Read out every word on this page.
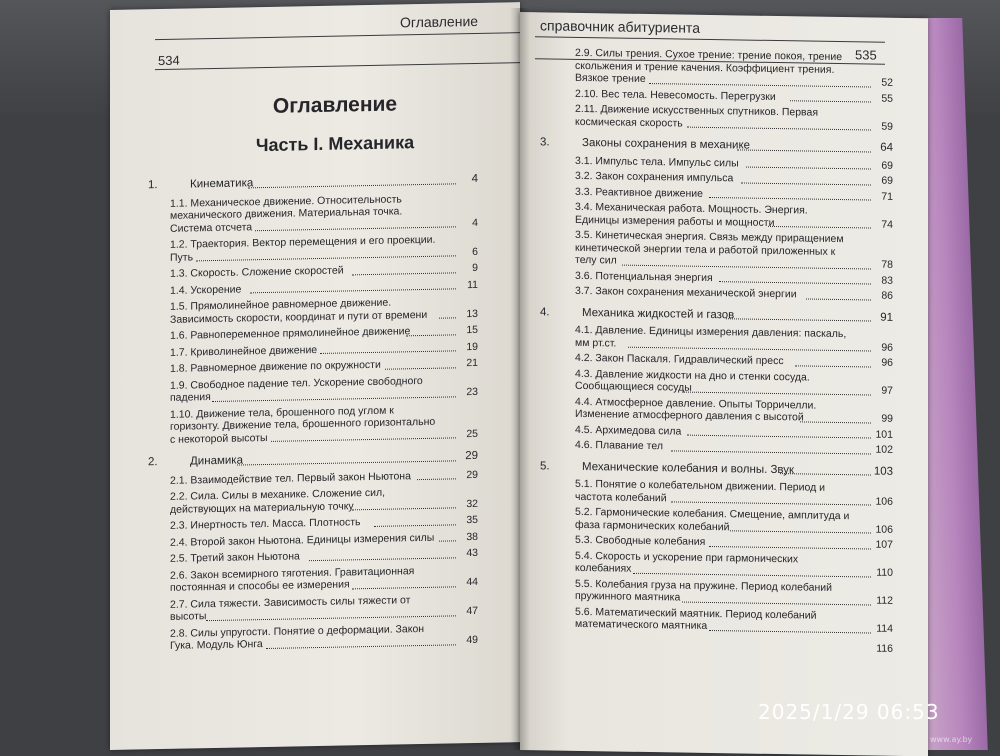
Оглавление
534
Оглавление
Часть I. Механика
1.	Кинематика	4
1.1. Механическое движение. Относительность
механического движения. Материальная точка.
Система отсчета	4
1.2. Траектория. Вектор перемещения и его проекции.
Путь	6
1.3. Скорость. Сложение скоростей	9
1.4. Ускорение	11
1.5. Прямолинейное равномерное движение.
Зависимость скорости, координат и пути от времени	13
1.6. Равнопеременное прямолинейное движение	15
1.7. Криволинейное движение	19
1.8. Равномерное движение по окружности	21
1.9. Свободное падение тел. Ускорение свободного
падения	23
1.10. Движение тела, брошенного под углом к
горизонту. Движение тела, брошенного горизонтально
с некоторой высоты	25
2.	Динамика	29
2.1. Взаимодействие тел. Первый закон Ньютона	29
2.2. Сила. Силы в механике. Сложение сил,
действующих на материальную точку	32
2.3. Инертность тел. Масса. Плотность	35
2.4. Второй закон Ньютона. Единицы измерения силы	38
2.5. Третий закон Ньютона	43
2.6. Закон всемирного тяготения. Гравитационная
постоянная и способы ее измерения	44
2.7. Сила тяжести. Зависимость силы тяжести от
высоты	47
2.8. Силы упругости. Понятие о деформации. Закон
Гука. Модуль Юнга	49
справочник абитуриента
535
2.9. Силы трения. Сухое трение: трение покоя, трение
скольжения и трение качения. Коэффициент трения.
Вязкое трение	52
2.10. Вес тела. Невесомость. Перегрузки	55
2.11. Движение искусственных спутников. Первая
космическая скорость	59
3.	Законы сохранения в механике	64
3.1. Импульс тела. Импульс силы	69
3.2. Закон сохранения импульса	69
3.3. Реактивное движение	71
3.4. Механическая работа. Мощность. Энергия.
Единицы измерения работы и мощности	74
3.5. Кинетическая энергия. Связь между приращением
кинетической энергии тела и работой приложенных к
телу сил	78
3.6. Потенциальная энергия	83
3.7. Закон сохранения механической энергии	86
4.	Механика жидкостей и газов	91
4.1. Давление. Единицы измерения давления: паскаль,
мм рт.ст.	96
4.2. Закон Паскаля. Гидравлический пресс	96
4.3. Давление жидкости на дно и стенки сосуда.
Сообщающиеся сосуды	97
4.4. Атмосферное давление. Опыты Торричелли.
Изменение атмосферного давления с высотой	99
4.5. Архимедова сила	101
4.6. Плавание тел	102
5.	Механические колебания и волны. Звук	103
5.1. Понятие о колебательном движении. Период и
частота колебаний	106
5.2. Гармонические колебания. Смещение, амплитуда и
фаза гармонических колебаний	106
5.3. Свободные колебания	107
5.4. Скорость и ускорение при гармонических
колебаниях	110
5.5. Колебания груза на пружине. Период колебаний
пружинного маятника	112
5.6. Математический маятник. Период колебаний
математического маятника	114
116
2025/1/29 06:53
www.ay.by
